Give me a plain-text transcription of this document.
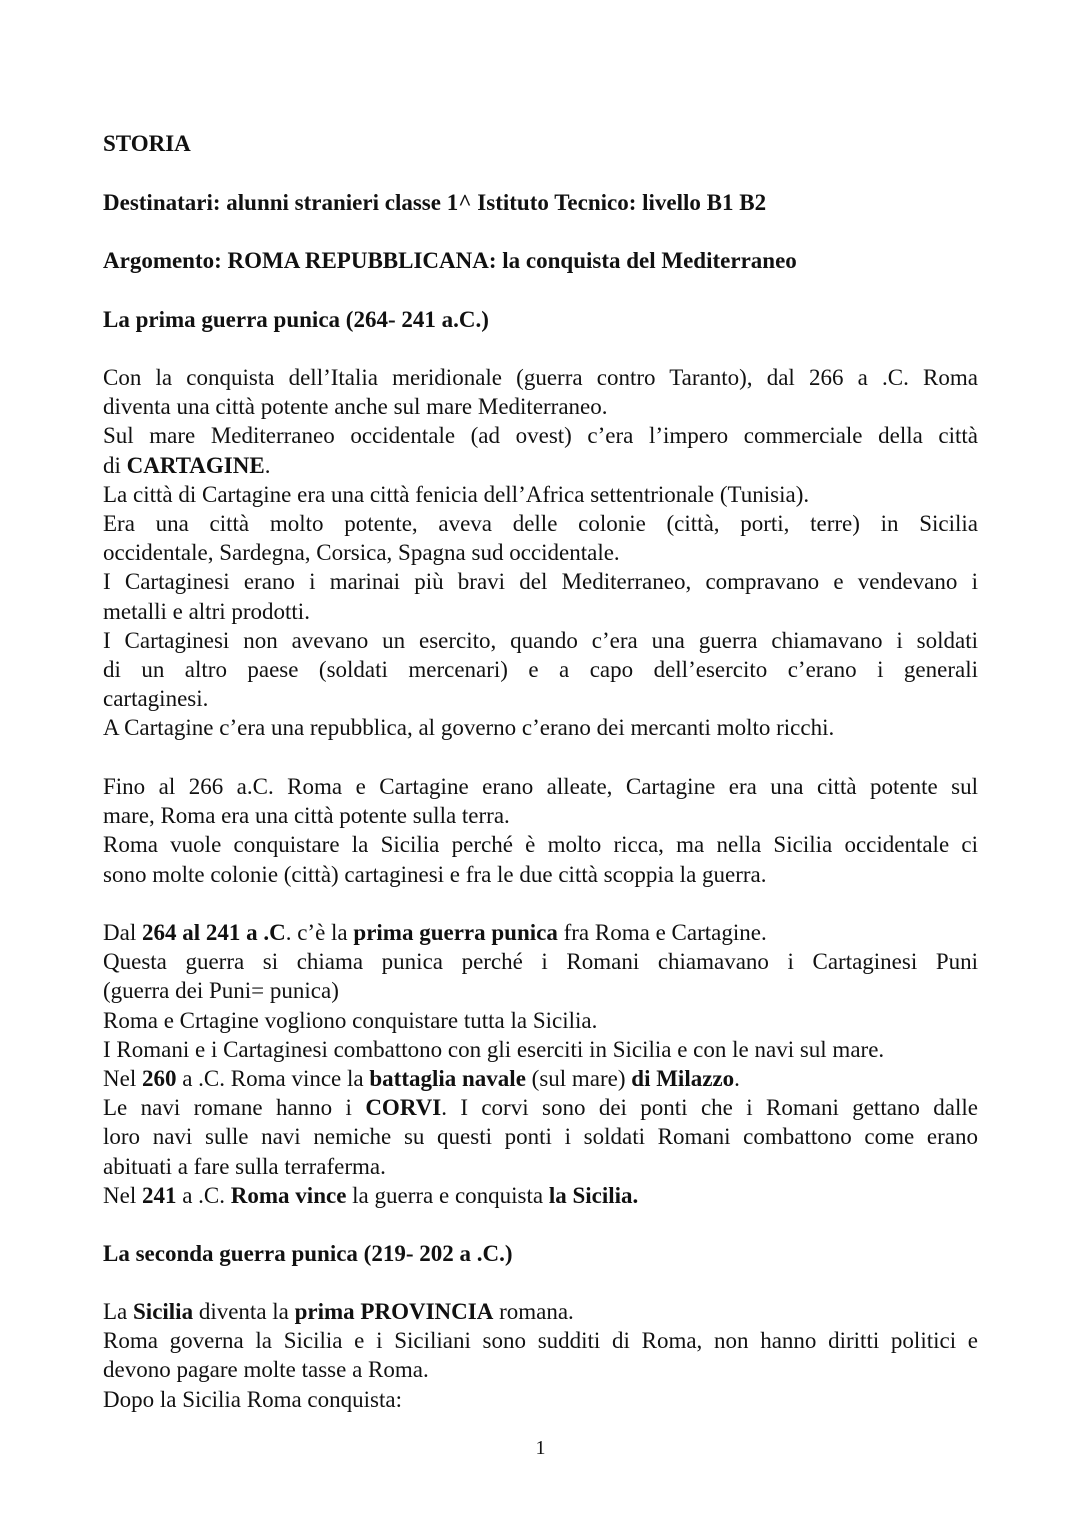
STORIA
Destinatari: alunni stranieri classe 1^ Istituto Tecnico: livello B1 B2
Argomento: ROMA REPUBBLICANA: la conquista del Mediterraneo
La prima guerra punica (264- 241 a.C.)
Con la conquista dell’Italia meridionale (guerra contro Taranto), dal 266 a .C. Roma
diventa una città potente anche sul mare Mediterraneo.
Sul mare Mediterraneo occidentale (ad ovest) c’era l’impero commerciale della città
di CARTAGINE.
La città di Cartagine era una città fenicia dell’Africa settentrionale (Tunisia).
Era una città molto potente, aveva delle colonie (città, porti, terre) in Sicilia
occidentale, Sardegna, Corsica, Spagna sud occidentale.
I Cartaginesi erano i marinai più bravi del Mediterraneo, compravano e vendevano i
metalli e altri prodotti.
I Cartaginesi non avevano un esercito, quando c’era una guerra chiamavano i soldati
di un altro paese (soldati mercenari) e a capo dell’esercito c’erano i generali
cartaginesi.
A Cartagine c’era una repubblica, al governo c’erano dei mercanti molto ricchi.
Fino al 266 a.C. Roma e Cartagine erano alleate, Cartagine era una città potente sul
mare, Roma era una città potente sulla terra.
Roma vuole conquistare la Sicilia perché è molto ricca, ma nella Sicilia occidentale ci
sono molte colonie (città) cartaginesi e fra le due città scoppia la guerra.
Dal 264 al 241 a .C. c’è la prima guerra punica fra Roma e Cartagine.
Questa guerra si chiama punica perché i Romani chiamavano i Cartaginesi Puni
(guerra dei Puni= punica)
Roma e Crtagine vogliono conquistare tutta la Sicilia.
I Romani e i Cartaginesi combattono con gli eserciti in Sicilia e con le navi sul mare.
Nel 260 a .C. Roma vince la battaglia navale (sul mare) di Milazzo.
Le navi romane hanno i CORVI. I corvi sono dei ponti che i Romani gettano dalle
loro navi sulle navi nemiche su questi ponti i soldati Romani combattono come erano
abituati a fare sulla terraferma.
Nel 241 a .C. Roma vince la guerra e conquista la Sicilia.
La seconda guerra punica (219- 202 a .C.)
La Sicilia diventa la prima PROVINCIA romana.
Roma governa la Sicilia e i Siciliani sono sudditi di Roma, non hanno diritti politici e
devono pagare molte tasse a Roma.
Dopo la Sicilia Roma conquista:
1
